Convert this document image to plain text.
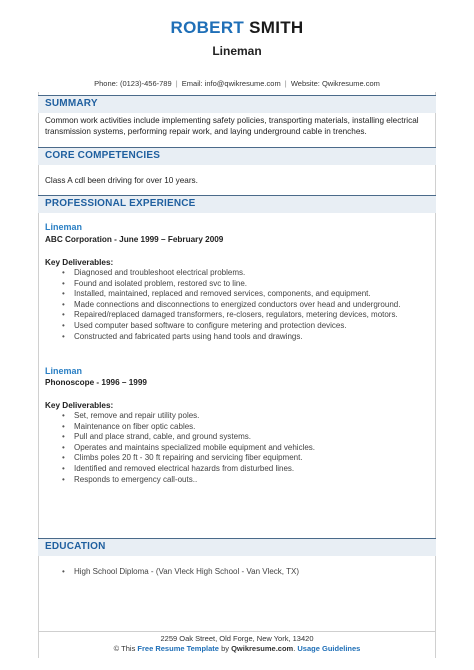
ROBERT SMITH
Lineman
Phone: (0123)-456-789 | Email: info@qwikresume.com | Website: Qwikresume.com
SUMMARY
Common work activities include implementing safety policies, transporting materials, installing electrical transmission systems, performing repair work, and laying underground cable in trenches.
CORE COMPETENCIES
Class A cdl been driving for over 10 years.
PROFESSIONAL EXPERIENCE
Lineman
ABC Corporation - June 1999 – February 2009
Key Deliverables:
• Diagnosed and troubleshoot electrical problems.
• Found and isolated problem, restored svc to line.
• Installed, maintained, replaced and removed services, components, and equipment.
• Made connections and disconnections to energized conductors over head and underground.
• Repaired/replaced damaged transformers, re-closers, regulators, metering devices, motors.
• Used computer based software to configure metering and protection devices.
• Constructed and fabricated parts using hand tools and drawings.
Lineman
Phonoscope - 1996 – 1999
Key Deliverables:
• Set, remove and repair utility poles.
• Maintenance on fiber optic cables.
• Pull and place strand, cable, and ground systems.
• Operates and maintains specialized mobile equipment and vehicles.
• Climbs poles 20 ft - 30 ft repairing and servicing fiber equipment.
• Identified and removed electrical hazards from disturbed lines.
• Responds to emergency call-outs..
EDUCATION
• High School Diploma - (Van Vleck High School - Van Vleck, TX)
2259 Oak Street, Old Forge, New York, 13420
© This Free Resume Template by Qwikresume.com. Usage Guidelines
